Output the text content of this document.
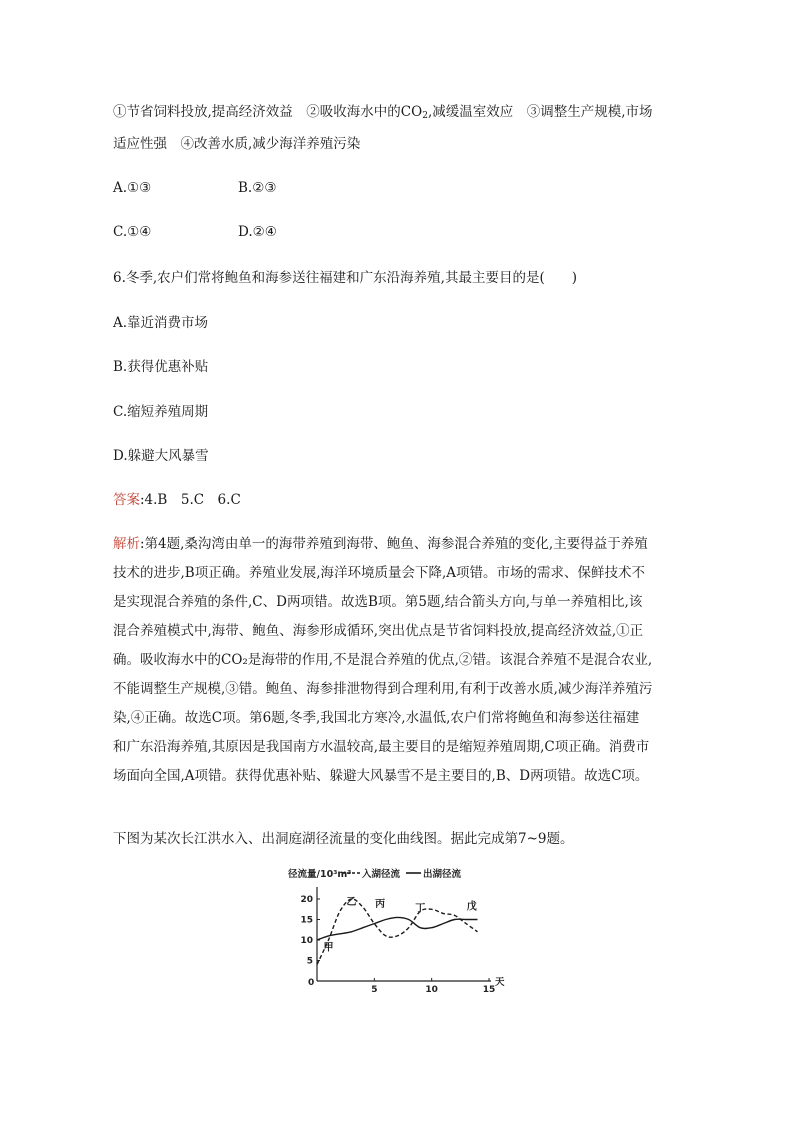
①节省饲料投放,提高经济效益　②吸收海水中的$CO_2$,减缓温室效应　③调整生产规模,市场
适应性强　④改善水质,减少海洋养殖污染
A.①③	B.②③
C.①④	D.②④
6.冬季,农户们常将鲍鱼和海参送往福建和广东沿海养殖,其最主要目的是(　　)
A.靠近消费市场
B.获得优惠补贴
C.缩短养殖周期
D.躲避大风暴雪
答案:4.B　5.C　6.C

解析:第4题,桑沟湾由单一的海带养殖到海带、鲍鱼、海参混合养殖的变化,主要得益于养殖

技术的进步,B项正确。养殖业发展,海洋环境质量会下降,A项错。市场的需求、保鲜技术不

是实现混合养殖的条件,C、D两项错。故选B项。第5题,结合箭头方向,与单一养殖相比,该

混合养殖模式中,海带、鲍鱼、海参形成循环,突出优点是节省饲料投放,提高经济效益,①正

确。吸收海水中的CO₂是海带的作用,不是混合养殖的优点,②错。该混合养殖不是混合农业,

不能调整生产规模,③错。鲍鱼、海参排泄物得到合理利用,有利于改善水质,减少海洋养殖污

染,④正确。故选C项。第6题,冬季,我国北方寒冷,水温低,农户们常将鲍鱼和海参送往福建

和广东沿海养殖,其原因是我国南方水温较高,最主要目的是缩短养殖周期,C项正确。消费市

场面向全国,A项错。获得优惠补贴、躲避大风暴雪不是主要目的,B、D两项错。故选C项。

下图为某次长江洪水入、出洞庭湖径流量的变化曲线图。据此完成第7~9题。
径流量/10³m³ 入湖径流 出湖径流
天
0
5
10
15
20
5	10	15
甲
乙 丙	丁	戊
